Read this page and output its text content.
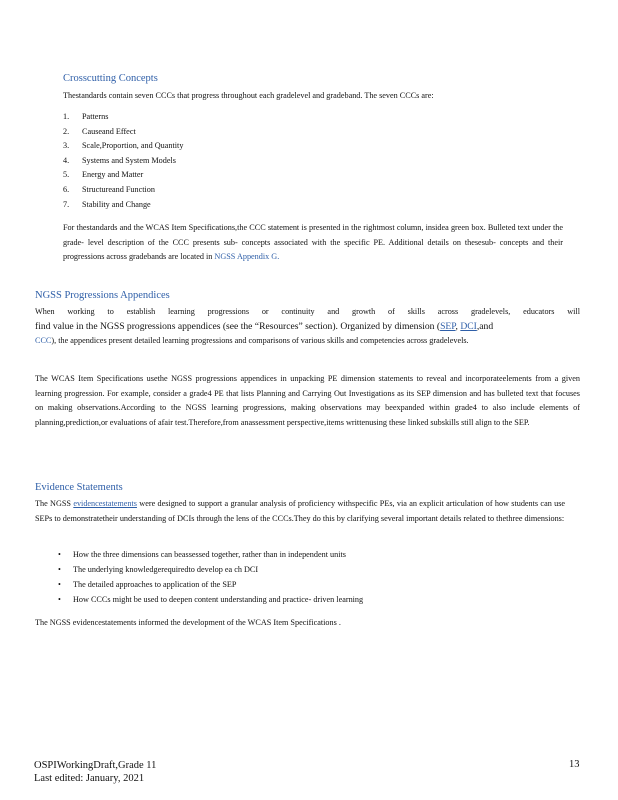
Crosscutting Concepts
Thestandards contain seven CCCs that progress throughout each gradelevel and gradeband. The seven CCCs are:
1. Patterns
2. Causeand Effect
3. Scale,Proportion, and Quantity
4. Systems and System Models
5. Energy and Matter
6. Structureand Function
7. Stability and Change
For thestandards and the WCAS Item Specifications,the CCC statement is presented in the rightmost column, insidea green box. Bulleted text under the grade- level description of the CCC presents sub- concepts associated with the specific PE. Additional details on thesesub- concepts and their progressions across gradebands are located in NGSS Appendix G.
NGSS Progressions Appendices
When working to establish learning progressions or continuity and growth of skills across gradelevels, educators will
find value in the NGSS progressions appendices (see the “Resources” section). Organized by dimension (SEP, DCI,and
CCC), the appendices present detailed learning progressions and comparisons of various skills and competencies across gradelevels.
The WCAS Item Specifications usethe NGSS progressions appendices in unpacking PE dimension statements to reveal and incorporateelements from a given learning progression. For example, consider a grade4 PE that lists Planning and Carrying Out Investigations as its SEP dimension and has bulleted text that focuses on making observations.According to the NGSS learning progressions, making observations may beexpanded within grade4 to also include elements of planning,prediction,or evaluations of afair test.Therefore,from anassessment perspective,items writtenusing these linked subskills still align to the SEP.
Evidence Statements
The NGSS evidencestatements were designed to support a granular analysis of proficiency withspecific PEs, via an explicit articulation of how students can use SEPs to demonstratetheir understanding of DCIs through the lens of the CCCs.They do this by clarifying several important details related to thethree dimensions:
• How the three dimensions can beassessed together, rather than in independent units
• The underlying knowledgerequiredto develop ea ch DCI
• The detailed approaches to application of the SEP
• How CCCs might be used to deepen content understanding and practice- driven learning
The NGSS evidencestatements informed the development of the WCAS Item Specifications .
OSPIWorkingDraft,Grade 11
Last edited: January, 2021
13
